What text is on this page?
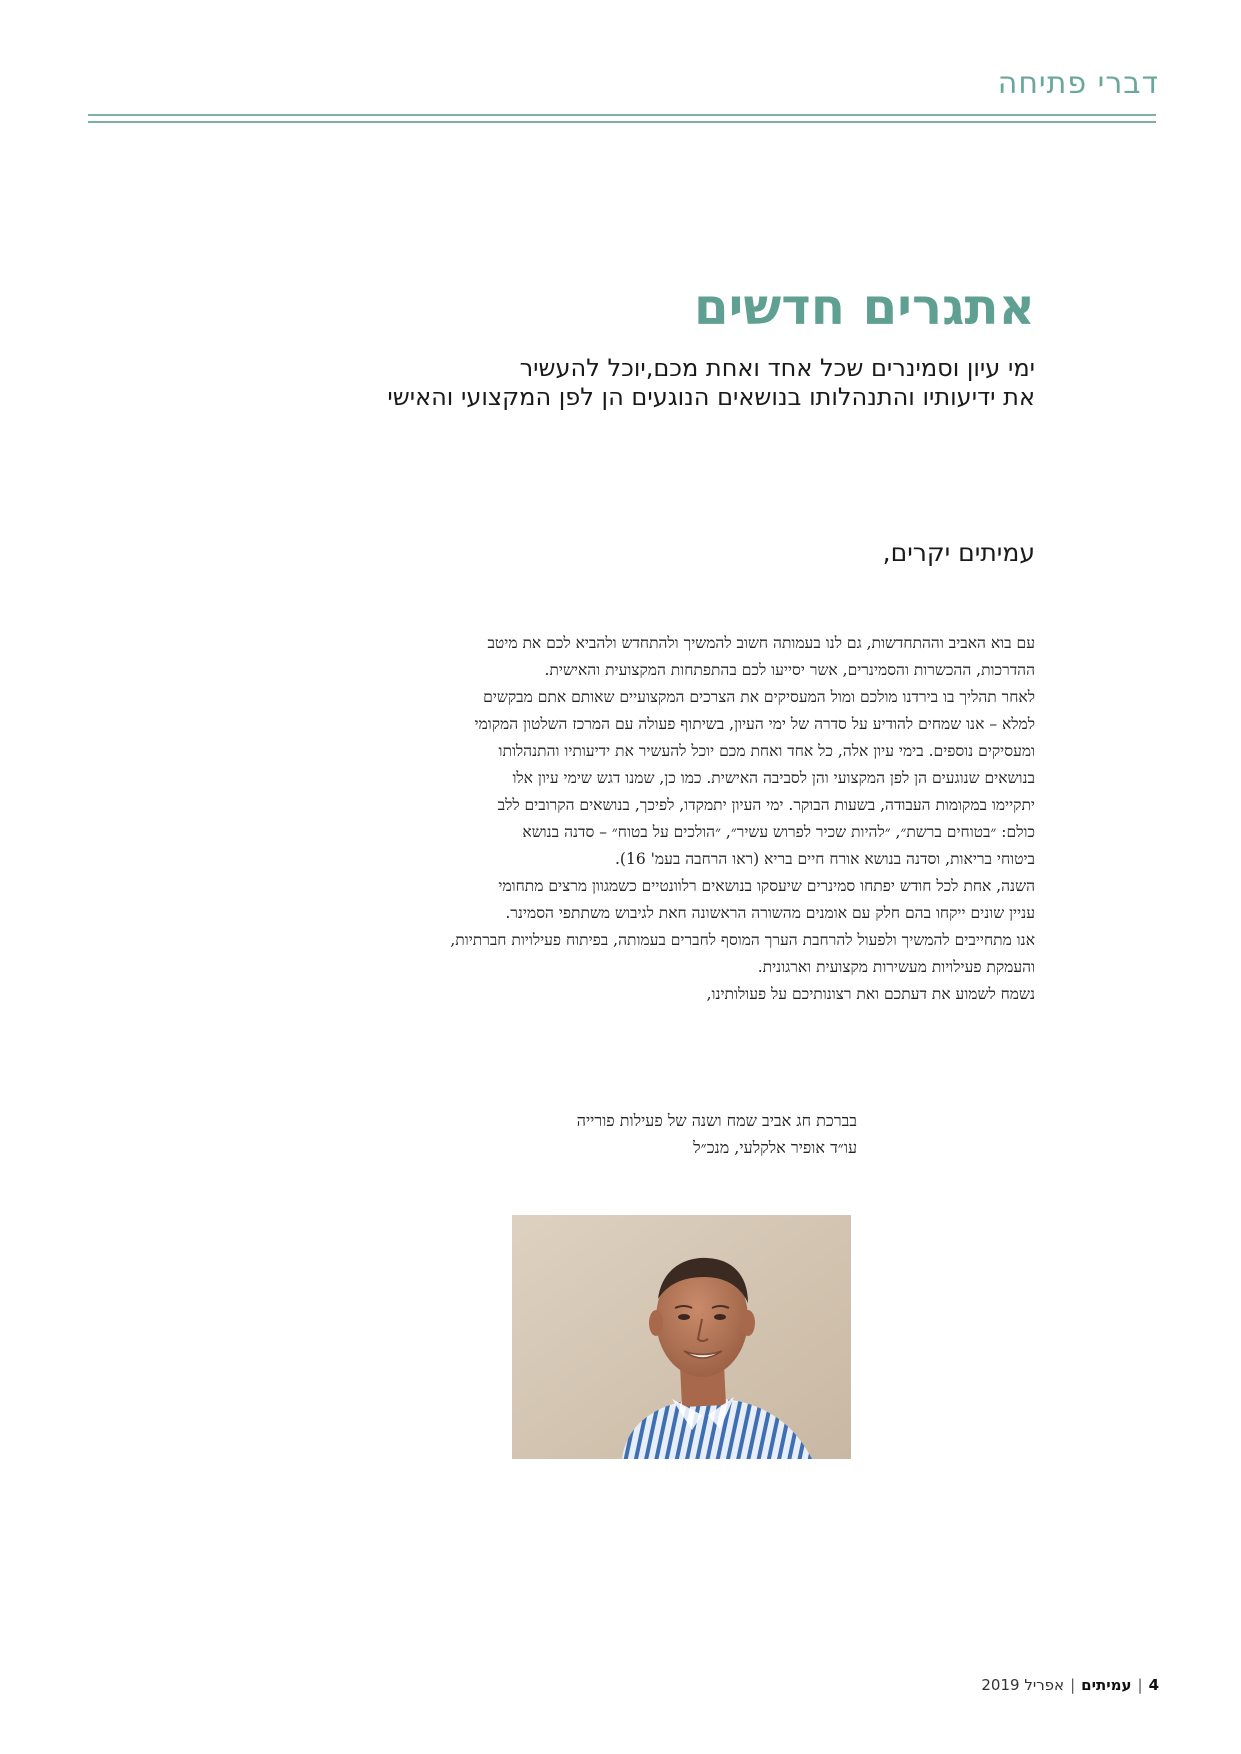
דברי פתיחה
אתגרים חדשים
ימי עיון וסמינרים שכל אחד ואחת מכם,יוכל להעשיר
את ידיעותיו והתנהלותו בנושאים הנוגעים הן לפן המקצועי והאישי
עמיתים יקרים,

עם בוא האביב וההתחדשות, גם לנו בעמותה חשוב להמשיך ולהתחדש ולהביא לכם את מיטב

ההדרכות, ההכשרות והסמינרים, אשר יסייעו לכם בהתפתחות המקצועית והאישית.

לאחר תהליך בו בירדנו מולכם ומול המעסיקים את הצרכים המקצועיים שאותם אתם מבקשים

למלא – אנו שמחים להודיע על סדרה של ימי העיון, בשיתוף פעולה עם המרכז השלטון המקומי

ומעסיקים נוספים. בימי עיון אלה, כל אחד ואחת מכם יוכל להעשיר את ידיעותיו והתנהלותו

בנושאים שנוגעים הן לפן המקצועי והן לסביבה האישית. כמו כן, שמנו דגש שימי עיון אלו

יתקיימו במקומות העבודה, בשעות הבוקר. ימי העיון יתמקדו, לפיכך, בנושאים הקרובים ללב

כולם: ״בטוחים ברשת״, ״להיות שכיר לפרוש עשיר״, ״הולכים על בטוח״ – סדנה בנושא

ביטוחי בריאות, וסדנה בנושא אורח חיים בריא (ראו הרחבה בעמ' 16).

השנה, אחת לכל חודש יפתחו סמינרים שיעסקו בנושאים רלוונטיים כשמגוון מרצים מתחומי

עניין שונים ייקחו בהם חלק עם אומנים מהשורה הראשונה חאת לגיבוש משתתפי הסמינר.

אנו מתחייבים להמשיך ולפעול להרחבת הערך המוסף לחברים בעמותה, בפיתוח פעילויות חברתיות,

והעמקת פעילויות מעשירות מקצועית וארגונית.

נשמח לשמוע את דעתכם ואת רצונותיכם על פעולותינו,

בברכת חג אביב שמח ושנה של פעילות פורייה
עו״ד אופיר אלקלעי, מנכ״ל
4
|
עמיתים
|
אפריל 2019
